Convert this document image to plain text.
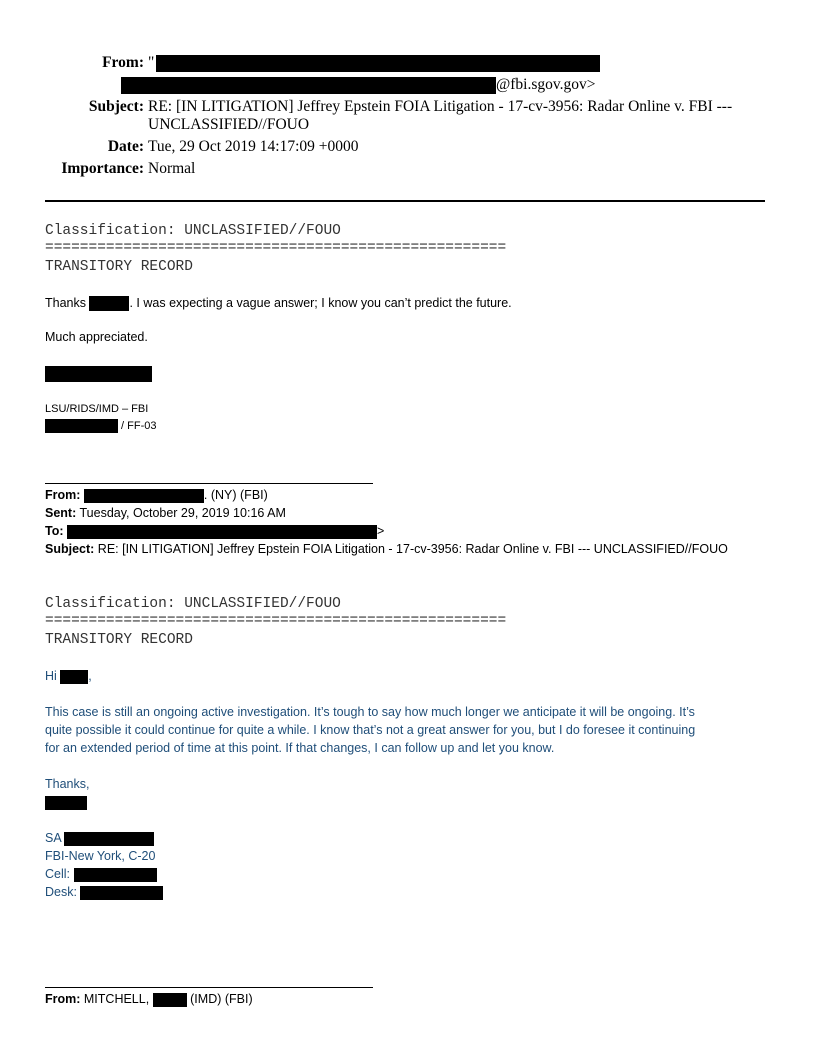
From: "
@fbi.sgov.gov>
Subject: RE: [IN LITIGATION] Jeffrey Epstein FOIA Litigation - 17-cv-3956: Radar Online v. FBI ---
UNCLASSIFIED//FOUO
Date: Tue, 29 Oct 2019 14:17:09 +0000
Importance: Normal
Classification: UNCLASSIFIED//FOUO
=====================================================
TRANSITORY RECORD
Thanks	. I was expecting a vague answer; I know you can’t predict the future.
Much appreciated.
LSU/RIDS/IMD – FBI
/ FF-03
From:	. (NY) (FBI)
Sent: Tuesday, October 29, 2019 10:16 AM
To:	>
Subject: RE: [IN LITIGATION] Jeffrey Epstein FOIA Litigation - 17-cv-3956: Radar Online v. FBI --- UNCLASSIFIED//FOUO
Classification: UNCLASSIFIED//FOUO
=====================================================
TRANSITORY RECORD
Hi	,
This case is still an ongoing active investigation. It’s tough to say how much longer we anticipate it will be ongoing. It’s
quite possible it could continue for quite a while. I know that’s not a great answer for you, but I do foresee it continuing
for an extended period of time at this point. If that changes, I can follow up and let you know.
Thanks,
SA
FBI-New York, C-20
Cell:
Desk:
From: MITCHELL,	(IMD) (FBI)
